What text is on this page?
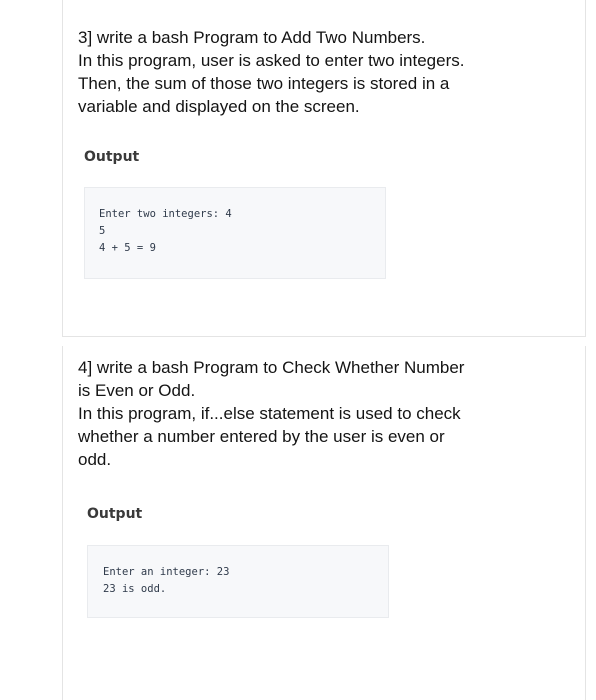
3] write a bash Program to Add Two Numbers.
In this program, user is asked to enter two integers.
Then, the sum of those two integers is stored in a
variable and displayed on the screen.
Output
Enter two integers: 4
5
4 + 5 = 9
4] write a bash Program to Check Whether Number
is Even or Odd.
In this program, if...else statement is used to check
whether a number entered by the user is even or
odd.
Output
Enter an integer: 23
23 is odd.
